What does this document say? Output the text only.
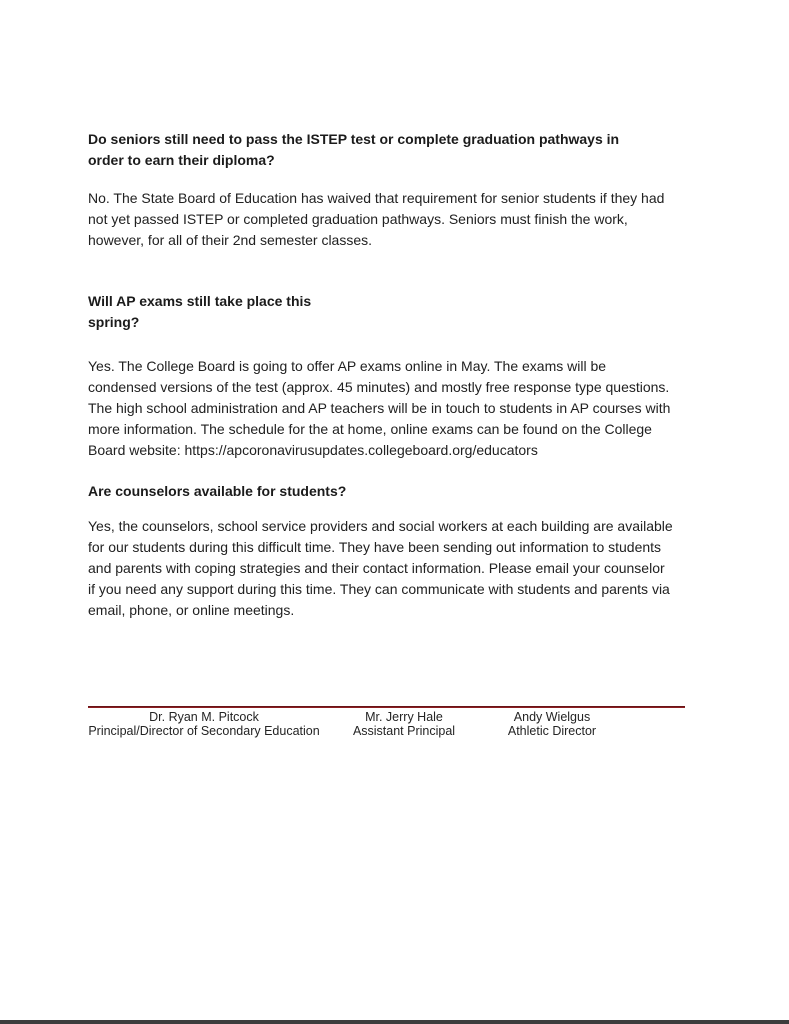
Do seniors still need to pass the ISTEP test or complete graduation pathways in
order to earn their diploma?
No. The State Board of Education has waived that requirement for senior students if they had
not yet passed ISTEP or completed graduation pathways. Seniors must finish the work,
however, for all of their 2nd semester classes.
Will AP exams still take place this
spring?
Yes. The College Board is going to offer AP exams online in May. The exams will be
condensed versions of the test (approx. 45 minutes) and mostly free response type questions.
The high school administration and AP teachers will be in touch to students in AP courses with
more information. The schedule for the at home, online exams can be found on the College
Board website: https://apcoronavirusupdates.collegeboard.org/educators
Are counselors available for students?
Yes, the counselors, school service providers and social workers at each building are available
for our students during this difficult time. They have been sending out information to students
and parents with coping strategies and their contact information. Please email your counselor
if you need any support during this time. They can communicate with students and parents via
email, phone, or online meetings.
Dr. Ryan M. Pitcock
Principal/Director of Secondary Education
Mr. Jerry Hale
Assistant Principal
Andy Wielgus
Athletic Director
